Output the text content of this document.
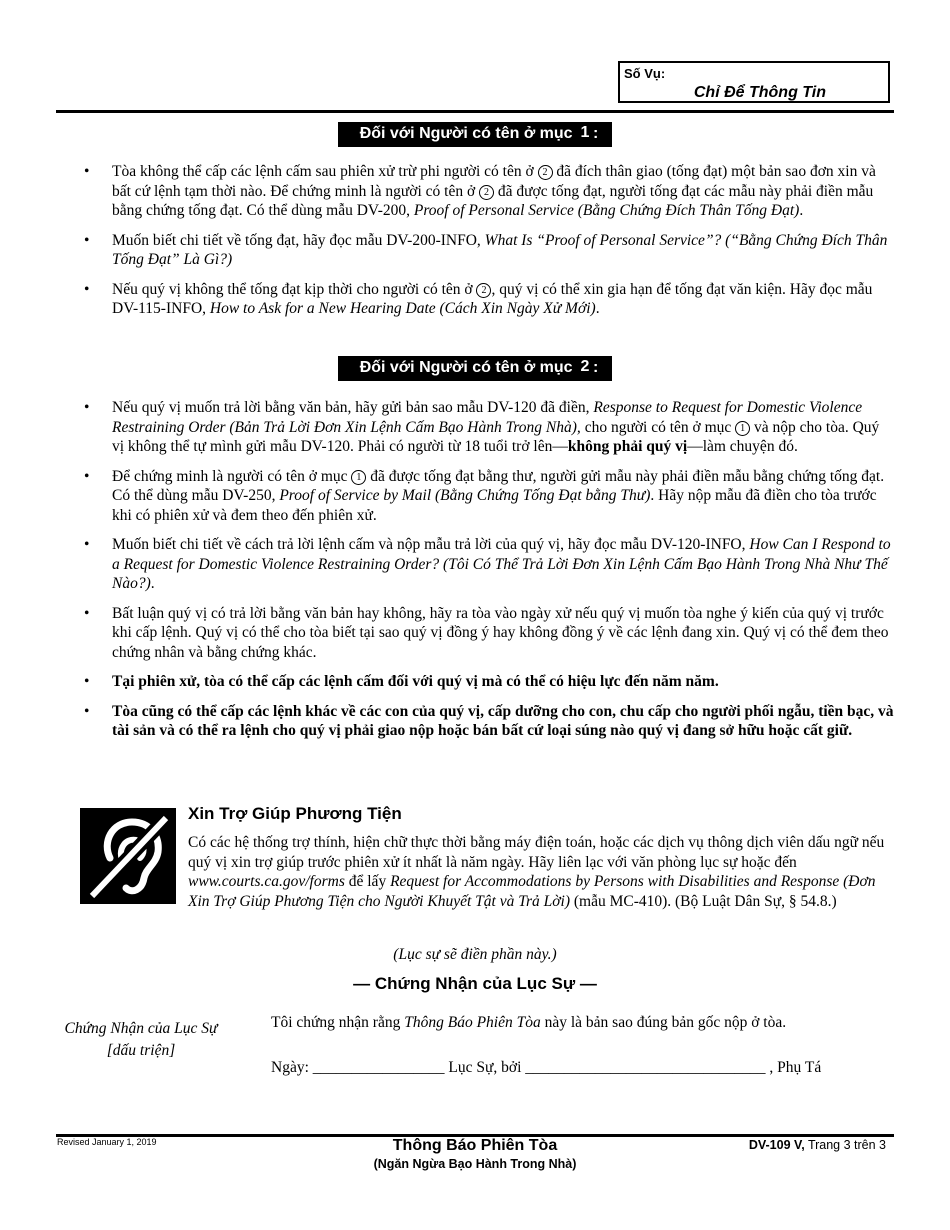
Số Vụ:
Chỉ Để Thông Tin
Đối với Người có tên ở mục 1 :
• Tòa không thể cấp các lệnh cấm sau phiên xử trừ phi người có tên ở 2 đã đích thân giao (tống đạt) một bản sao đơn xin và bất cứ lệnh tạm thời nào. Để chứng minh là người có tên ở 2 đã được tống đạt, người tống đạt các mẫu này phải điền mẫu bằng chứng tống đạt. Có thể dùng mẫu DV-200, Proof of Personal Service (Bằng Chứng Đích Thân Tống Đạt).
• Muốn biết chi tiết về tống đạt, hãy đọc mẫu DV-200-INFO, What Is “Proof of Personal Service”? (“Bằng Chứng Đích Thân Tống Đạt” Là Gì?)
• Nếu quý vị không thể tống đạt kịp thời cho người có tên ở 2 , quý vị có thể xin gia hạn để tống đạt văn kiện. Hãy đọc mẫu DV-115-INFO, How to Ask for a New Hearing Date (Cách Xin Ngày Xử Mới).
Đối với Người có tên ở mục 2 :
• Nếu quý vị muốn trả lời bằng văn bản, hãy gửi bản sao mẫu DV-120 đã điền, Response to Request for Domestic Violence Restraining Order (Bản Trả Lời Đơn Xin Lệnh Cấm Bạo Hành Trong Nhà), cho người có tên ở mục 1 và nộp cho tòa. Quý vị không thể tự mình gửi mẫu DV-120. Phải có người từ 18 tuổi trở lên—không phải quý vị—làm chuyện đó.
• Để chứng minh là người có tên ở mục 1 đã được tống đạt bằng thư, người gửi mẫu này phải điền mẫu bằng chứng tống đạt. Có thể dùng mẫu DV-250, Proof of Service by Mail (Bằng Chứng Tống Đạt bằng Thư). Hãy nộp mẫu đã điền cho tòa trước khi có phiên xử và đem theo đến phiên xử.
• Muốn biết chi tiết về cách trả lời lệnh cấm và nộp mẫu trả lời của quý vị, hãy đọc mẫu DV-120-INFO, How Can I Respond to a Request for Domestic Violence Restraining Order? (Tôi Có Thể Trả Lời Đơn Xin Lệnh Cấm Bạo Hành Trong Nhà Như Thế Nào?).
• Bất luận quý vị có trả lời bằng văn bản hay không, hãy ra tòa vào ngày xử nếu quý vị muốn tòa nghe ý kiến của quý vị trước khi cấp lệnh. Quý vị có thể cho tòa biết tại sao quý vị đồng ý hay không đồng ý về các lệnh đang xin. Quý vị có thể đem theo chứng nhân và bằng chứng khác.
• Tại phiên xử, tòa có thể cấp các lệnh cấm đối với quý vị mà có thể có hiệu lực đến năm năm.
• Tòa cũng có thể cấp các lệnh khác về các con của quý vị, cấp dưỡng cho con, chu cấp cho người phối ngẫu, tiền bạc, và tài sản và có thể ra lệnh cho quý vị phải giao nộp hoặc bán bất cứ loại súng nào quý vị đang sở hữu hoặc cất giữ.
Xin Trợ Giúp Phương Tiện
Có các hệ thống trợ thính, hiện chữ thực thời bằng máy điện toán, hoặc các dịch vụ thông dịch viên dấu ngữ nếu quý vị xin trợ giúp trước phiên xử ít nhất là năm ngày. Hãy liên lạc với văn phòng lục sự hoặc đến www.courts.ca.gov/forms để lấy Request for Accommodations by Persons with Disabilities and Response (Đơn Xin Trợ Giúp Phương Tiện cho Người Khuyết Tật và Trả Lời) (mẫu MC-410). (Bộ Luật Dân Sự, § 54.8.)
(Lục sự sẽ điền phần này.)
— Chứng Nhận của Lục Sự —
Chứng Nhận của Lục Sự
[dấu triện]
Tôi chứng nhận rằng Thông Báo Phiên Tòa này là bản sao đúng bản gốc nộp ở tòa.
Ngày: _________________ Lục Sự, bởi _______________________________ , Phụ Tá
Revised January 1, 2019	Thông Báo Phiên Tòa
(Ngăn Ngừa Bạo Hành Trong Nhà)
DV-109 V, Trang 3 trên 3
